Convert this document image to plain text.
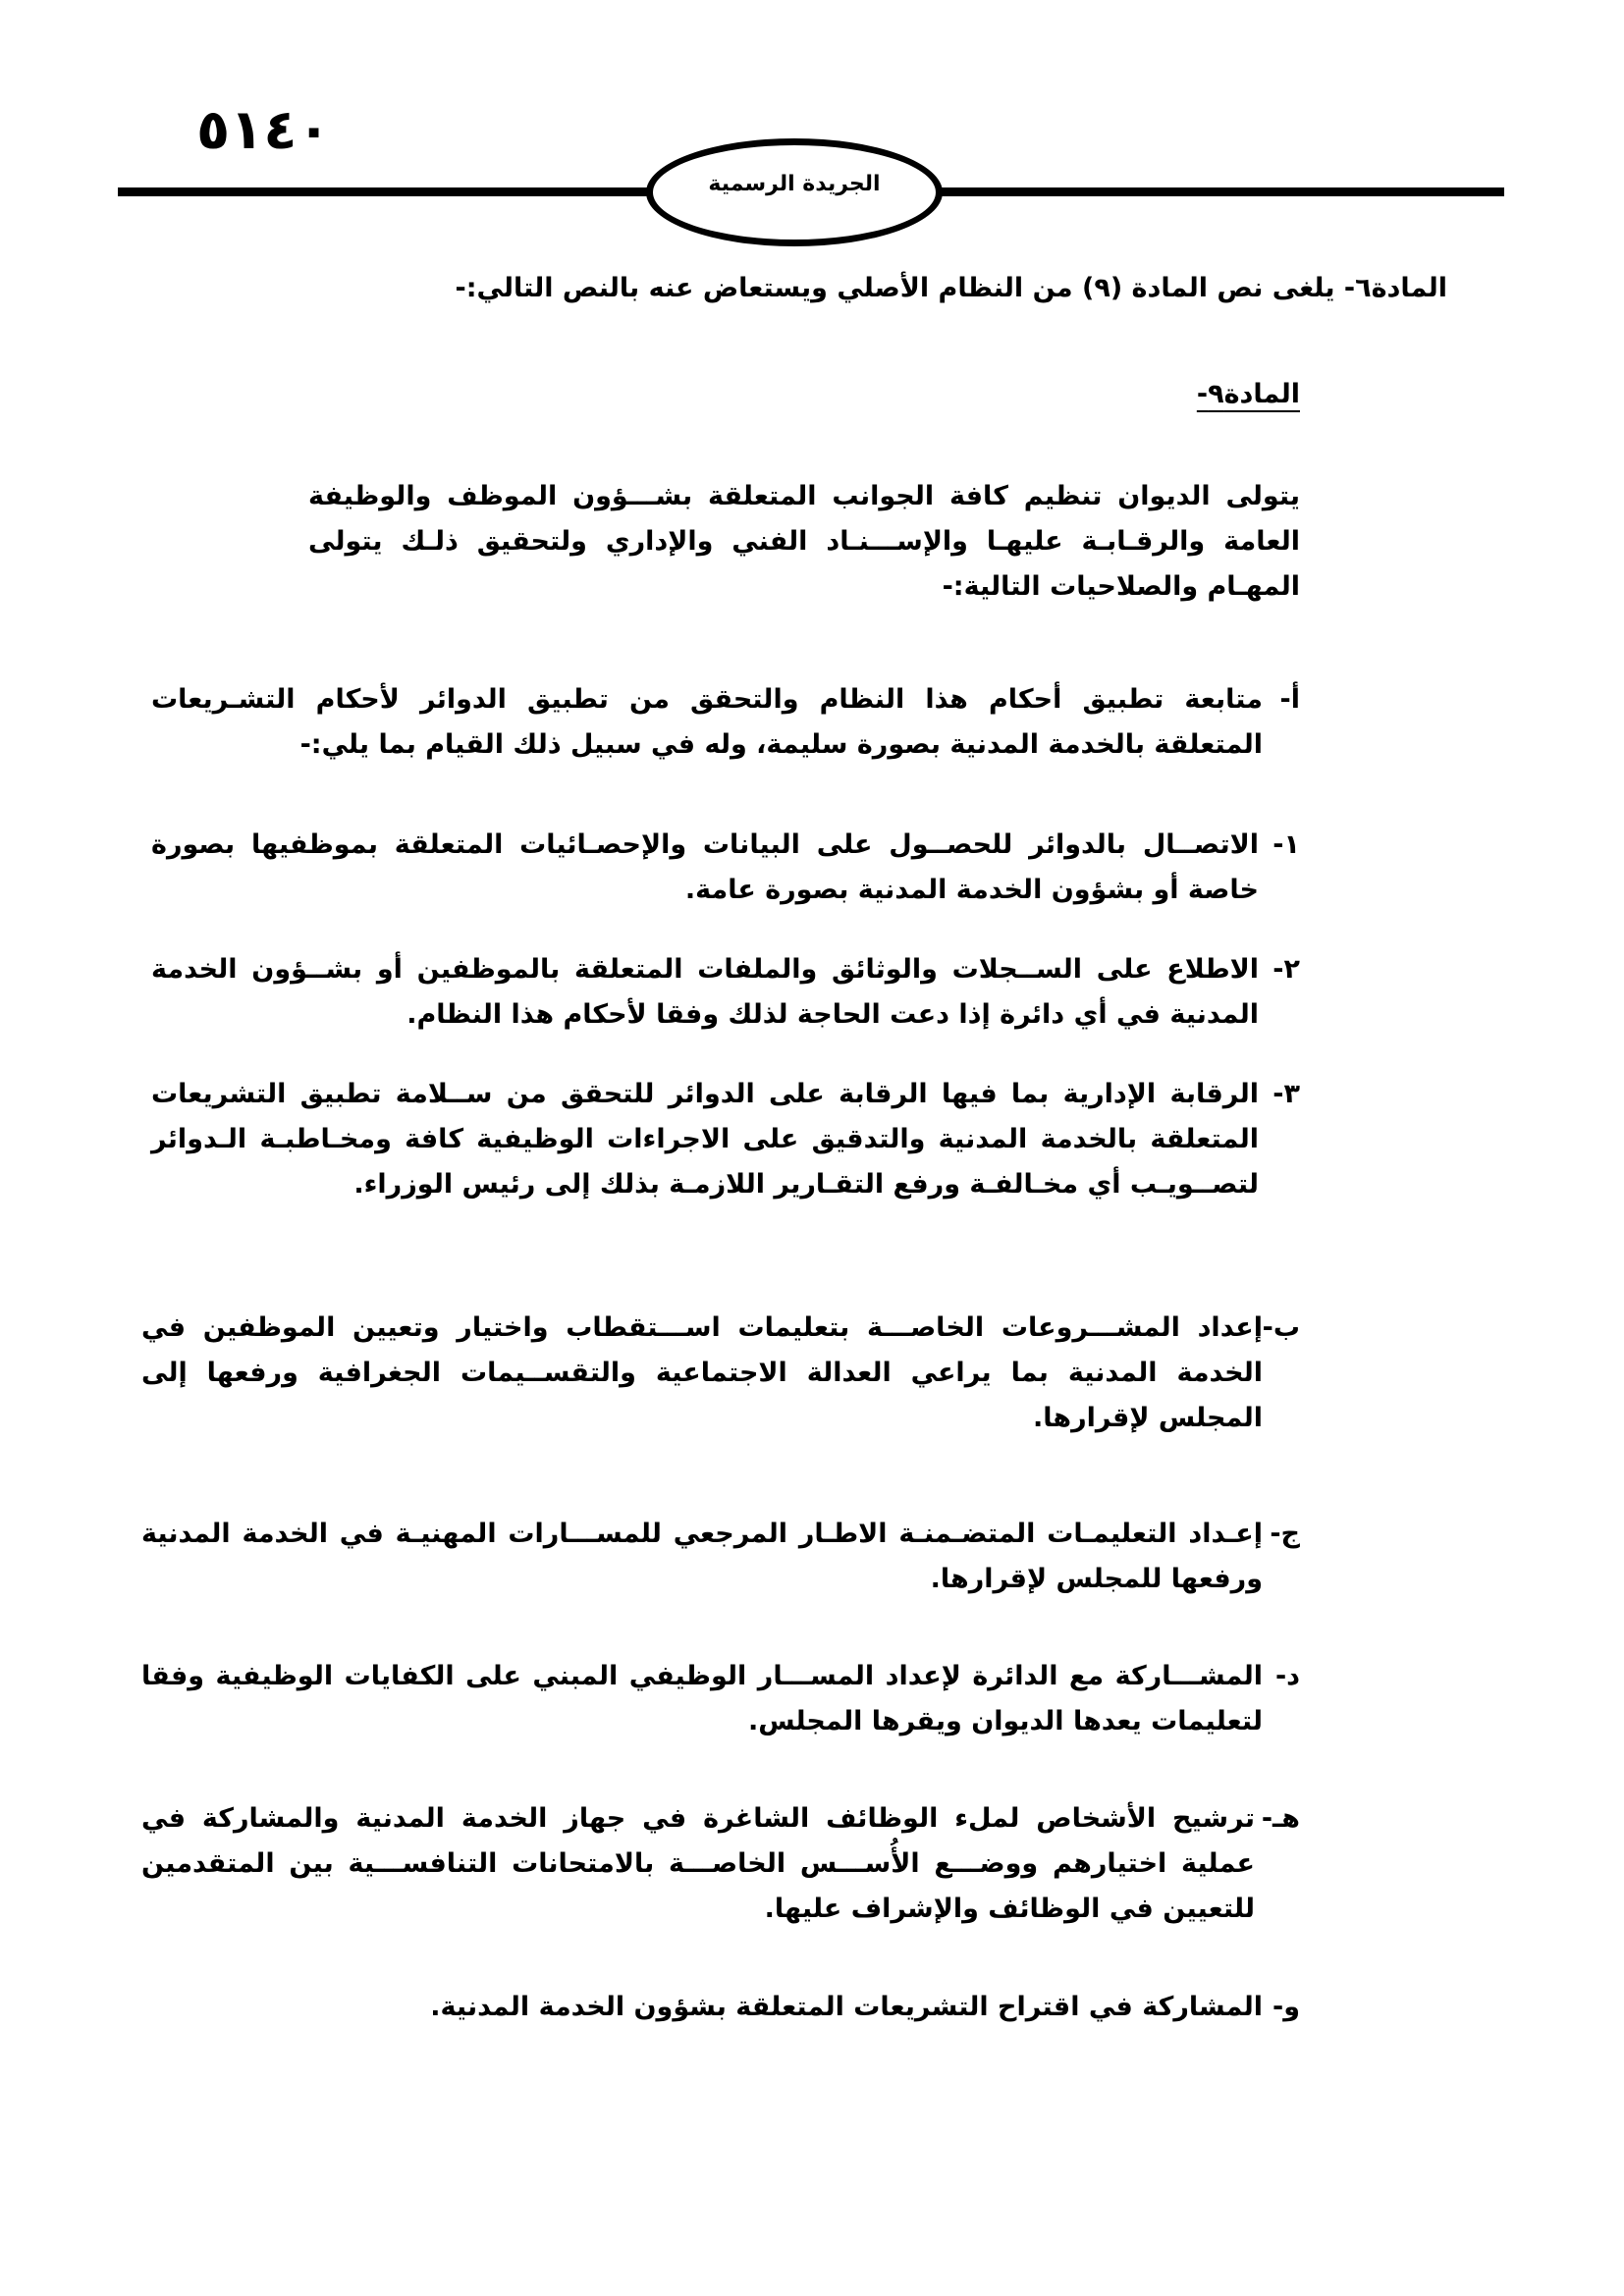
٥١٤٠
الجريدة الرسمية

المادة٦- يلغى نص المادة (٩) من النظام الأصلي ويستعاض عنه بالنص التالي:-

المادة٩-

يتولى الديوان تنظيم كافة الجوانب المتعلقة بشـــؤون الموظف والوظيفة العامة والرقـابـة عليهـا والإســـنـاد الفني والإداري ولتحقيق ذلـك يتولى المهـام والصلاحيات التالية:-

أ-

متابعة تطبيق أحكام هذا النظام والتحقق من تطبيق الدوائر لأحكام التشـريعات المتعلقة بالخدمة المدنية بصورة سليمة، وله في سبيل ذلك القيام بما يلي:-

١-

الاتصــال بالدوائر للحصــول على البيانات والإحصـائيات المتعلقة بموظفيها بصورة خاصة أو بشؤون الخدمة المدنية بصورة عامة.

٢-

الاطلاع على الســجلات والوثائق والملفات المتعلقة بالموظفين أو بشــؤون الخدمة المدنية في أي دائرة إذا دعت الحاجة لذلك وفقا لأحكام هذا النظام.

٣-

الرقابة الإدارية بما فيها الرقابة على الدوائر للتحقق من ســلامة تطبيق التشريعات المتعلقة بالخدمة المدنية والتدقيق على الاجراءات الوظيفية كافة ومخـاطبـة الـدوائر لتصــويـب أي مخـالفـة ورفع التقـارير اللازمـة بذلك إلى رئيس الوزراء.

ب-

إعداد المشـــروعات الخاصـــة بتعليمات اســـتقطاب واختيار وتعيين الموظفين في الخدمة المدنية بما يراعي العدالة الاجتماعية والتقســيمات الجغرافية ورفعها إلى المجلس لإقرارها.

ج-

إعـداد التعليمـات المتضـمنـة الاطـار المرجعي للمســـارات المهنيـة في الخدمة المدنية ورفعها للمجلس لإقرارها.

د-

المشـــاركة مع الدائرة لإعداد المســـار الوظيفي المبني على الكفايات الوظيفية وفقا لتعليمات يعدها الديوان ويقرها المجلس.

هـ-

ترشيح الأشخاص لملء الوظائف الشاغرة في جهاز الخدمة المدنية والمشاركة في عملية اختيارهم ووضـــع الأُســـس الخاصـــة بالامتحانات التنافســـية بين المتقدمين للتعيين في الوظائف والإشراف عليها.

و-

المشاركة في اقتراح التشريعات المتعلقة بشؤون الخدمة المدنية.
